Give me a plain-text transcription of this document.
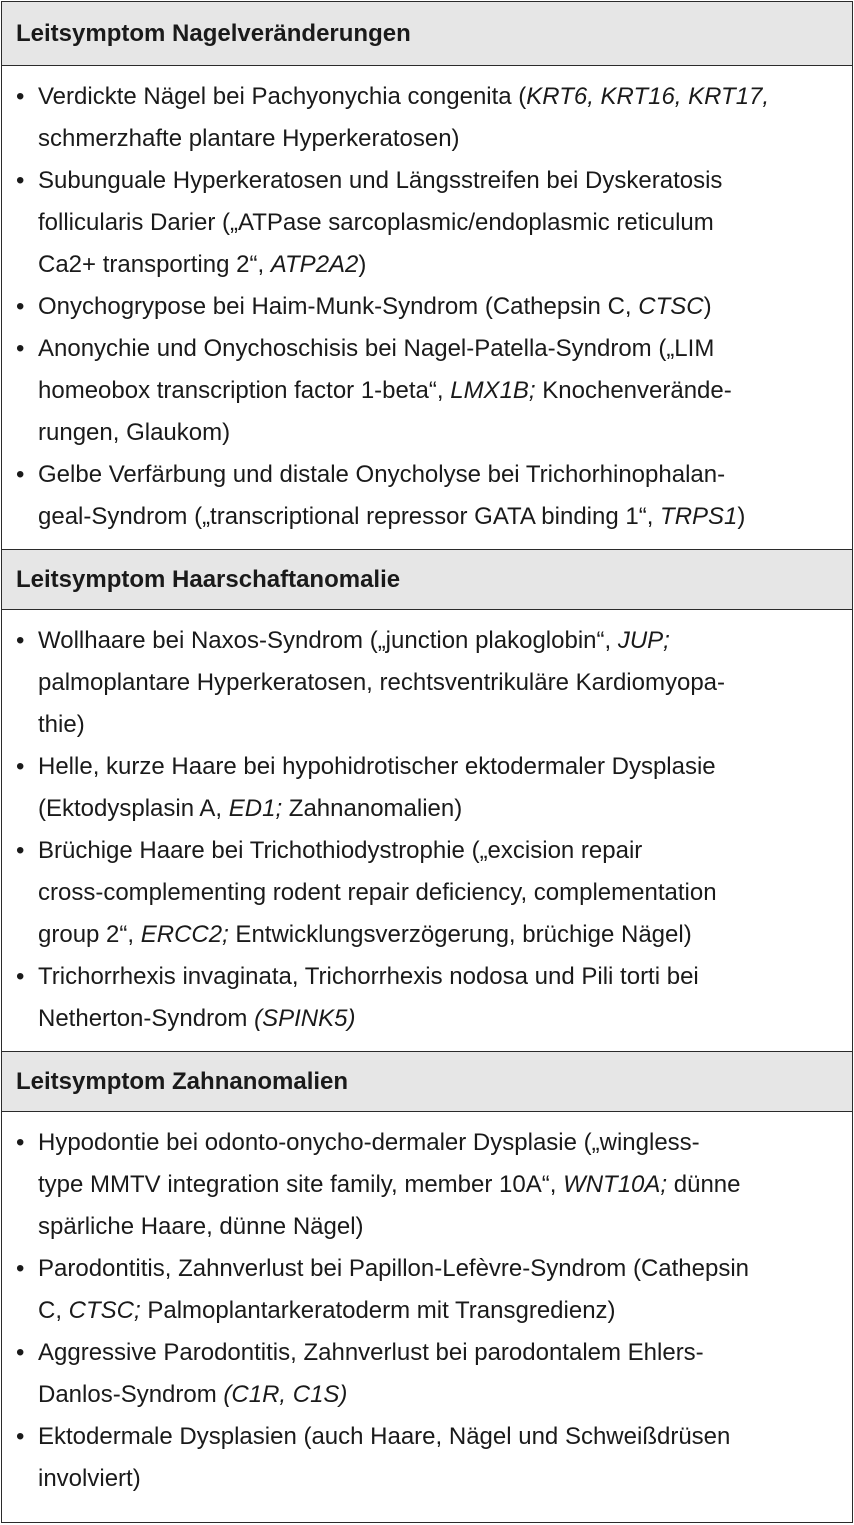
Leitsymptom Nagelveränderungen
• Verdickte Nägel bei Pachyonychia congenita (KRT6, KRT16, KRT17,
schmerzhafte plantare Hyperkeratosen)
• Subunguale Hyperkeratosen und Längsstreifen bei Dyskeratosis
follicularis Darier („ATPase sarcoplasmic/endoplasmic reticulum
Ca2+ transporting 2“, ATP2A2)
• Onychogrypose bei Haim-Munk-Syndrom (Cathepsin C, CTSC)
• Anonychie und Onychoschisis bei Nagel-Patella-Syndrom („LIM
homeobox transcription factor 1-beta“, LMX1B; Knochenverände-
rungen, Glaukom)
• Gelbe Verfärbung und distale Onycholyse bei Trichorhinophalan-
geal-Syndrom („transcriptional repressor GATA binding 1“, TRPS1)
Leitsymptom Haarschaftanomalie
• Wollhaare bei Naxos-Syndrom („junction plakoglobin“, JUP;
palmoplantare Hyperkeratosen, rechtsventrikuläre Kardiomyopa-
thie)
• Helle, kurze Haare bei hypohidrotischer ektodermaler Dysplasie
(Ektodysplasin A, ED1; Zahnanomalien)
• Brüchige Haare bei Trichothiodystrophie („excision repair
cross-complementing rodent repair deficiency, complementation
group 2“, ERCC2; Entwicklungsverzögerung, brüchige Nägel)
• Trichorrhexis invaginata, Trichorrhexis nodosa und Pili torti bei
Netherton-Syndrom (SPINK5)
Leitsymptom Zahnanomalien
• Hypodontie bei odonto-onycho-dermaler Dysplasie („wingless-
type MMTV integration site family, member 10A“, WNT10A; dünne
spärliche Haare, dünne Nägel)
• Parodontitis, Zahnverlust bei Papillon-Lefèvre-Syndrom (Cathepsin
C, CTSC; Palmoplantarkeratoderm mit Transgredienz)
• Aggressive Parodontitis, Zahnverlust bei parodontalem Ehlers-
Danlos-Syndrom (C1R, C1S)
• Ektodermale Dysplasien (auch Haare, Nägel und Schweißdrüsen
involviert)
